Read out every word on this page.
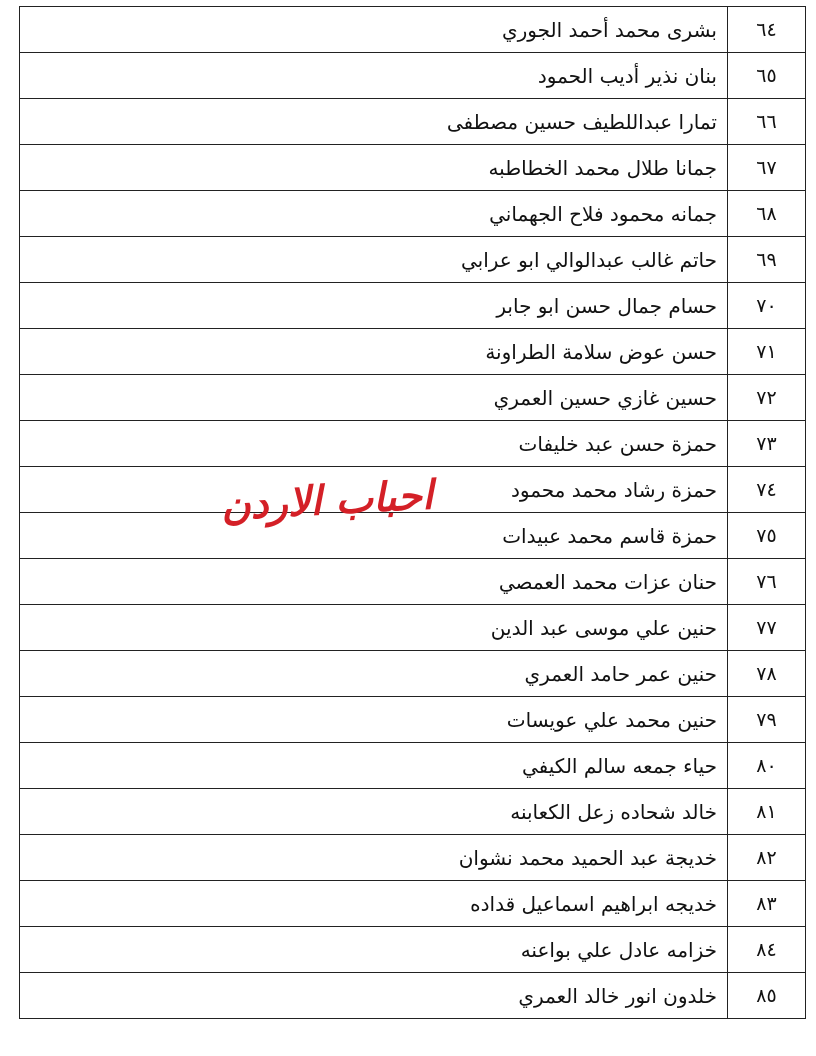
٦٤	بشرى محمد أحمد الجوري
٦٥	بنان نذير أديب الحمود
٦٦	تمارا عبداللطيف حسين مصطفى
٦٧	جمانا طلال محمد الخطاطبه
٦٨	جمانه محمود فلاح الجهماني
٦٩	حاتم غالب عبدالوالي ابو عرابي
٧٠	حسام جمال حسن ابو جابر
٧١	حسن عوض سلامة الطراونة
٧٢	حسين غازي حسين العمري
٧٣	حمزة حسن عبد خليفات
٧٤	حمزة رشاد محمد محمود
٧٥	حمزة قاسم محمد عبيدات
٧٦	حنان عزات محمد العمصي
٧٧	حنين علي موسى عبد الدين
٧٨	حنين عمر حامد العمري
٧٩	حنين محمد علي عويسات
٨٠	حياء جمعه سالم الكيفي
٨١	خالد شحاده زعل الكعابنه
٨٢	خديجة عبد الحميد محمد نشوان
٨٣	خديجه ابراهيم اسماعيل قداده
٨٤	خزامه عادل علي بواعنه
٨٥	خلدون انور خالد العمري
احباب الاردن
